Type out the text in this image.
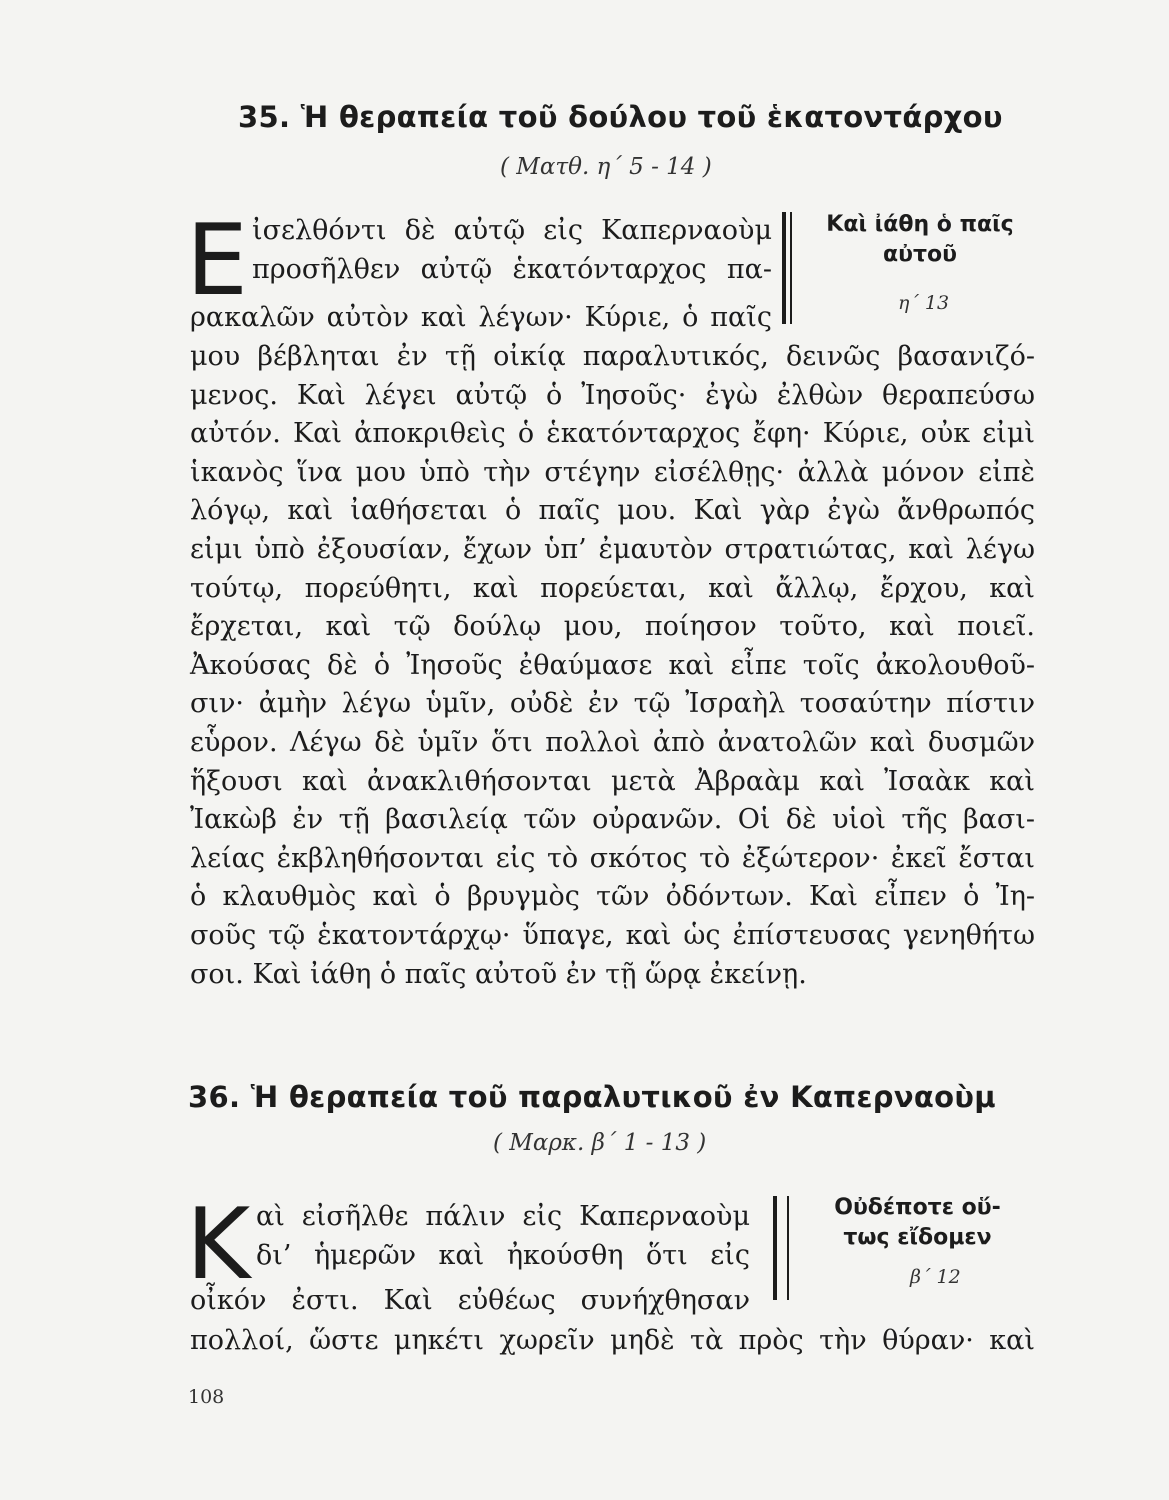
35. Ἡ θεραπεία τοῦ δούλου τοῦ ἑκατοντάρχου
( Ματθ. η΄ 5 - 14 )
Ε ἰσελθόντι δὲ αὐτῷ εἰς Καπερναοὺμ
προσῆλθεν αὐτῷ ἑκατόνταρχος πα-
ρακαλῶν αὐτὸν καὶ λέγων· Κύριε, ὁ παῖς
Καὶ ἰάθη ὁ παῖς
αὐτοῦ
η΄ 13
μου βέβληται ἐν τῇ οἰκίᾳ παραλυτικός, δεινῶς βασανιζό-
μενος. Καὶ λέγει αὐτῷ ὁ Ἰησοῦς· ἐγὼ ἐλθὼν θεραπεύσω
αὐτόν. Καὶ ἀποκριθεὶς ὁ ἑκατόνταρχος ἔφη· Κύριε, οὐκ εἰμὶ
ἱκανὸς ἵνα μου ὑπὸ τὴν στέγην εἰσέλθῃς· ἀλλὰ μόνον εἰπὲ
λόγῳ, καὶ ἰαθήσεται ὁ παῖς μου. Καὶ γὰρ ἐγὼ ἄνθρωπός
εἰμι ὑπὸ ἐξουσίαν, ἔχων ὑπ’ ἐμαυτὸν στρατιώτας, καὶ λέγω
τούτῳ, πορεύθητι, καὶ πορεύεται, καὶ ἄλλῳ, ἔρχου, καὶ
ἔρχεται, καὶ τῷ δούλῳ μου, ποίησον τοῦτο, καὶ ποιεῖ.
Ἀκούσας δὲ ὁ Ἰησοῦς ἐθαύμασε καὶ εἶπε τοῖς ἀκολουθοῦ-
σιν· ἀμὴν λέγω ὑμῖν, οὐδὲ ἐν τῷ Ἰσραὴλ τοσαύτην πίστιν
εὗρον. Λέγω δὲ ὑμῖν ὅτι πολλοὶ ἀπὸ ἀνατολῶν καὶ δυσμῶν
ἥξουσι καὶ ἀνακλιθήσονται μετὰ Ἀβραὰμ καὶ Ἰσαὰκ καὶ
Ἰακὼβ ἐν τῇ βασιλείᾳ τῶν οὐρανῶν. Οἱ δὲ υἱοὶ τῆς βασι-
λείας ἐκβληθήσονται εἰς τὸ σκότος τὸ ἐξώτερον· ἐκεῖ ἔσται
ὁ κλαυθμὸς καὶ ὁ βρυγμὸς τῶν ὀδόντων. Καὶ εἶπεν ὁ Ἰη-
σοῦς τῷ ἑκατοντάρχῳ· ὕπαγε, καὶ ὡς ἐπίστευσας γενηθήτω
σοι. Καὶ ἰάθη ὁ παῖς αὐτοῦ ἐν τῇ ὥρᾳ ἐκείνῃ.
36. Ἡ θεραπεία τοῦ παραλυτικοῦ ἐν Καπερναοὺμ
( Μαρκ. β΄ 1 - 13 )
Κ αὶ εἰσῆλθε πάλιν εἰς Καπερναοὺμ
δι’ ἡμερῶν καὶ ἠκούσθη ὅτι εἰς
οἶκόν ἐστι. Καὶ εὐθέως συνήχθησαν
Οὐδέποτε οὕ-
τως εἴδομεν
β΄ 12
πολλοί, ὥστε μηκέτι χωρεῖν μηδὲ τὰ πρὸς τὴν θύραν· καὶ
108
